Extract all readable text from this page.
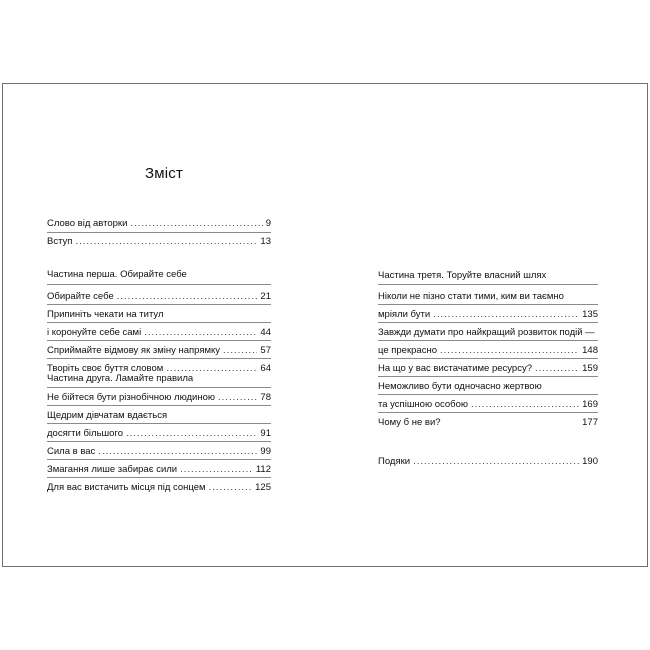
Зміст
Слово від авторки .....	9
Вступ .....	13
Частина перша. Обирайте себе
Обирайте себе .....	21
Припиніть чекати на титул
і коронуйте себе самі .....	44
Сприймайте відмову як зміну напрямку .....	57
Творіть своє буття словом .....	64
Частина друга. Ламайте правила
Не бійтеся бути різнобічною людиною .....	78
Щедрим дівчатам вдається
досягти більшого .....	91
Сила в вас .....	99
Змагання лише забирає сили .....	112
Для вас вистачить місця під сонцем .....	125
Частина третя. Торуйте власний шлях
Ніколи не пізно стати тими, ким ви таємно
мріяли бути .....	135
Завжди думати про найкращий розвиток подій —
це прекрасно .....	148
На що у вас вистачатиме ресурсу? .....	159
Неможливо бути одночасно жертвою
та успішною особою .....	169
Чому б не ви?	177
Подяки .....	190
